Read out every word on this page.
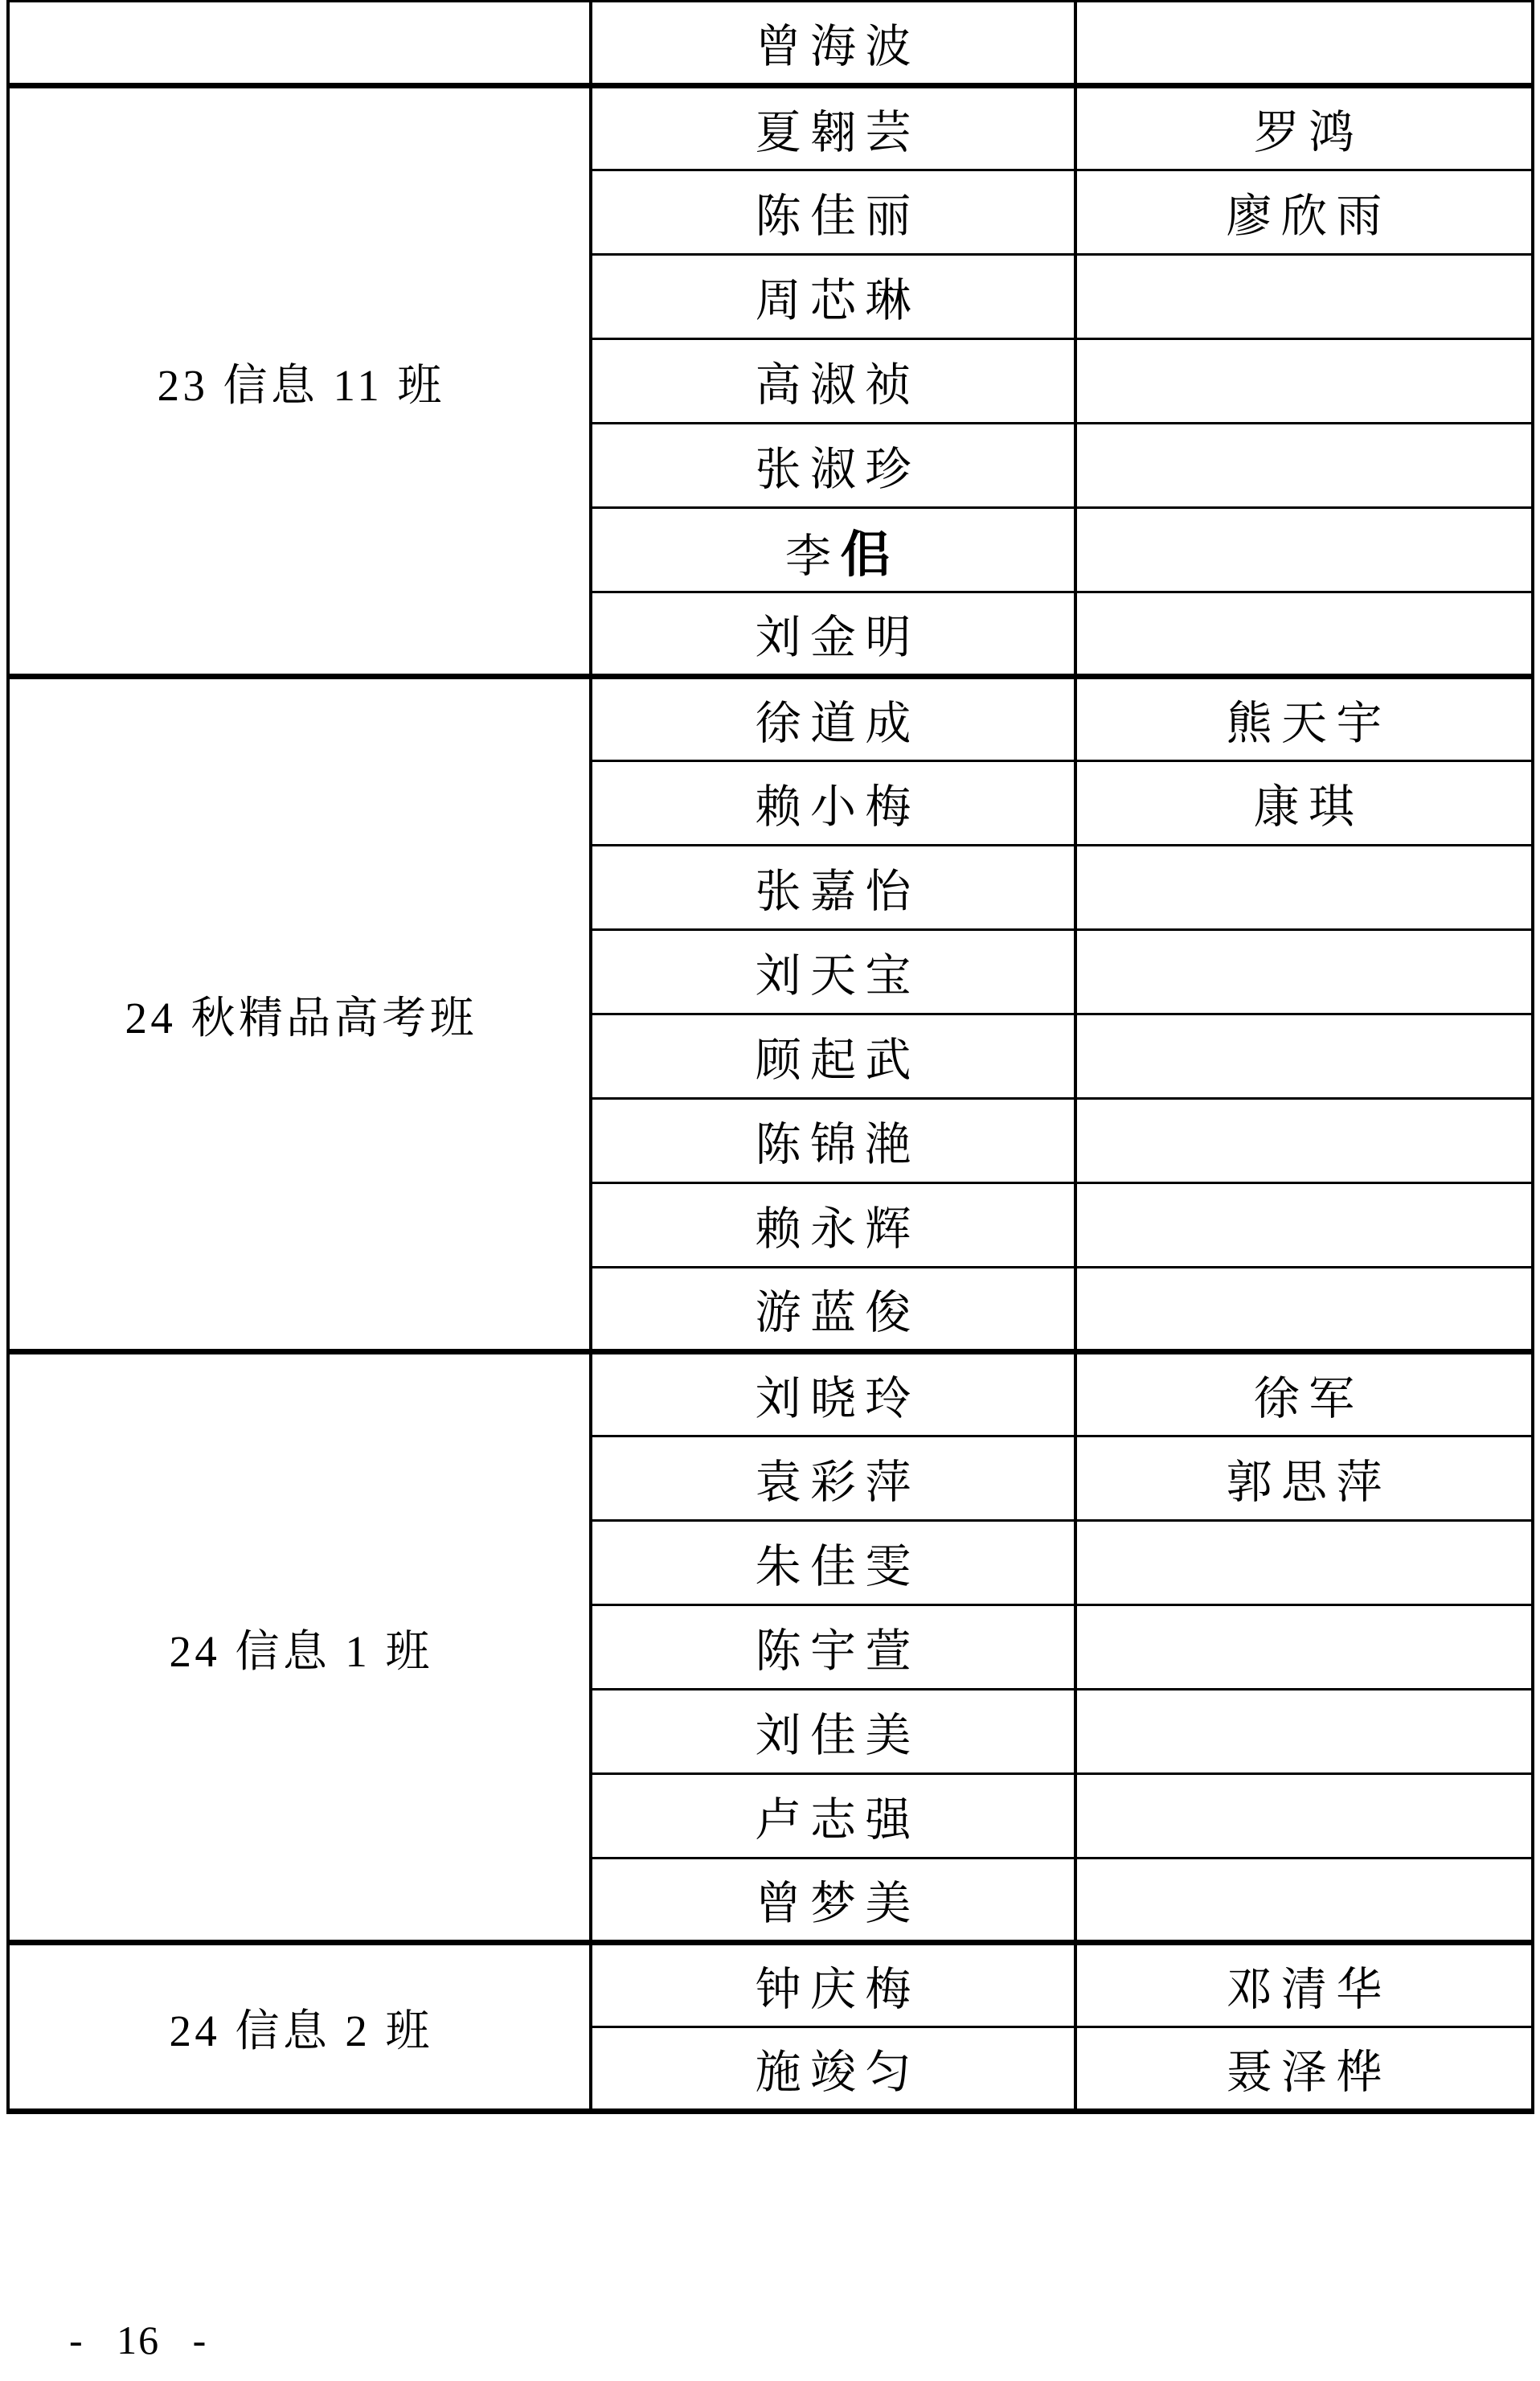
	曾海波	
23 信息 11 班	夏翱芸	罗鸿
	陈佳丽	廖欣雨
	周芯琳	
	高淑祯	
	张淑珍	
	李佀	
	刘金明	
24 秋精品高考班	徐道成	熊天宇
	赖小梅	康琪
	张嘉怡	
	刘天宝	
	顾起武	
	陈锦滟	
	赖永辉	
	游蓝俊	
24 信息 1 班	刘晓玲	徐军
	袁彩萍	郭思萍
	朱佳雯	
	陈宇萱	
	刘佳美	
	卢志强	
	曾梦美	
24 信息 2 班	钟庆梅	邓清华
	施竣匀	聂泽桦
- 16 -
